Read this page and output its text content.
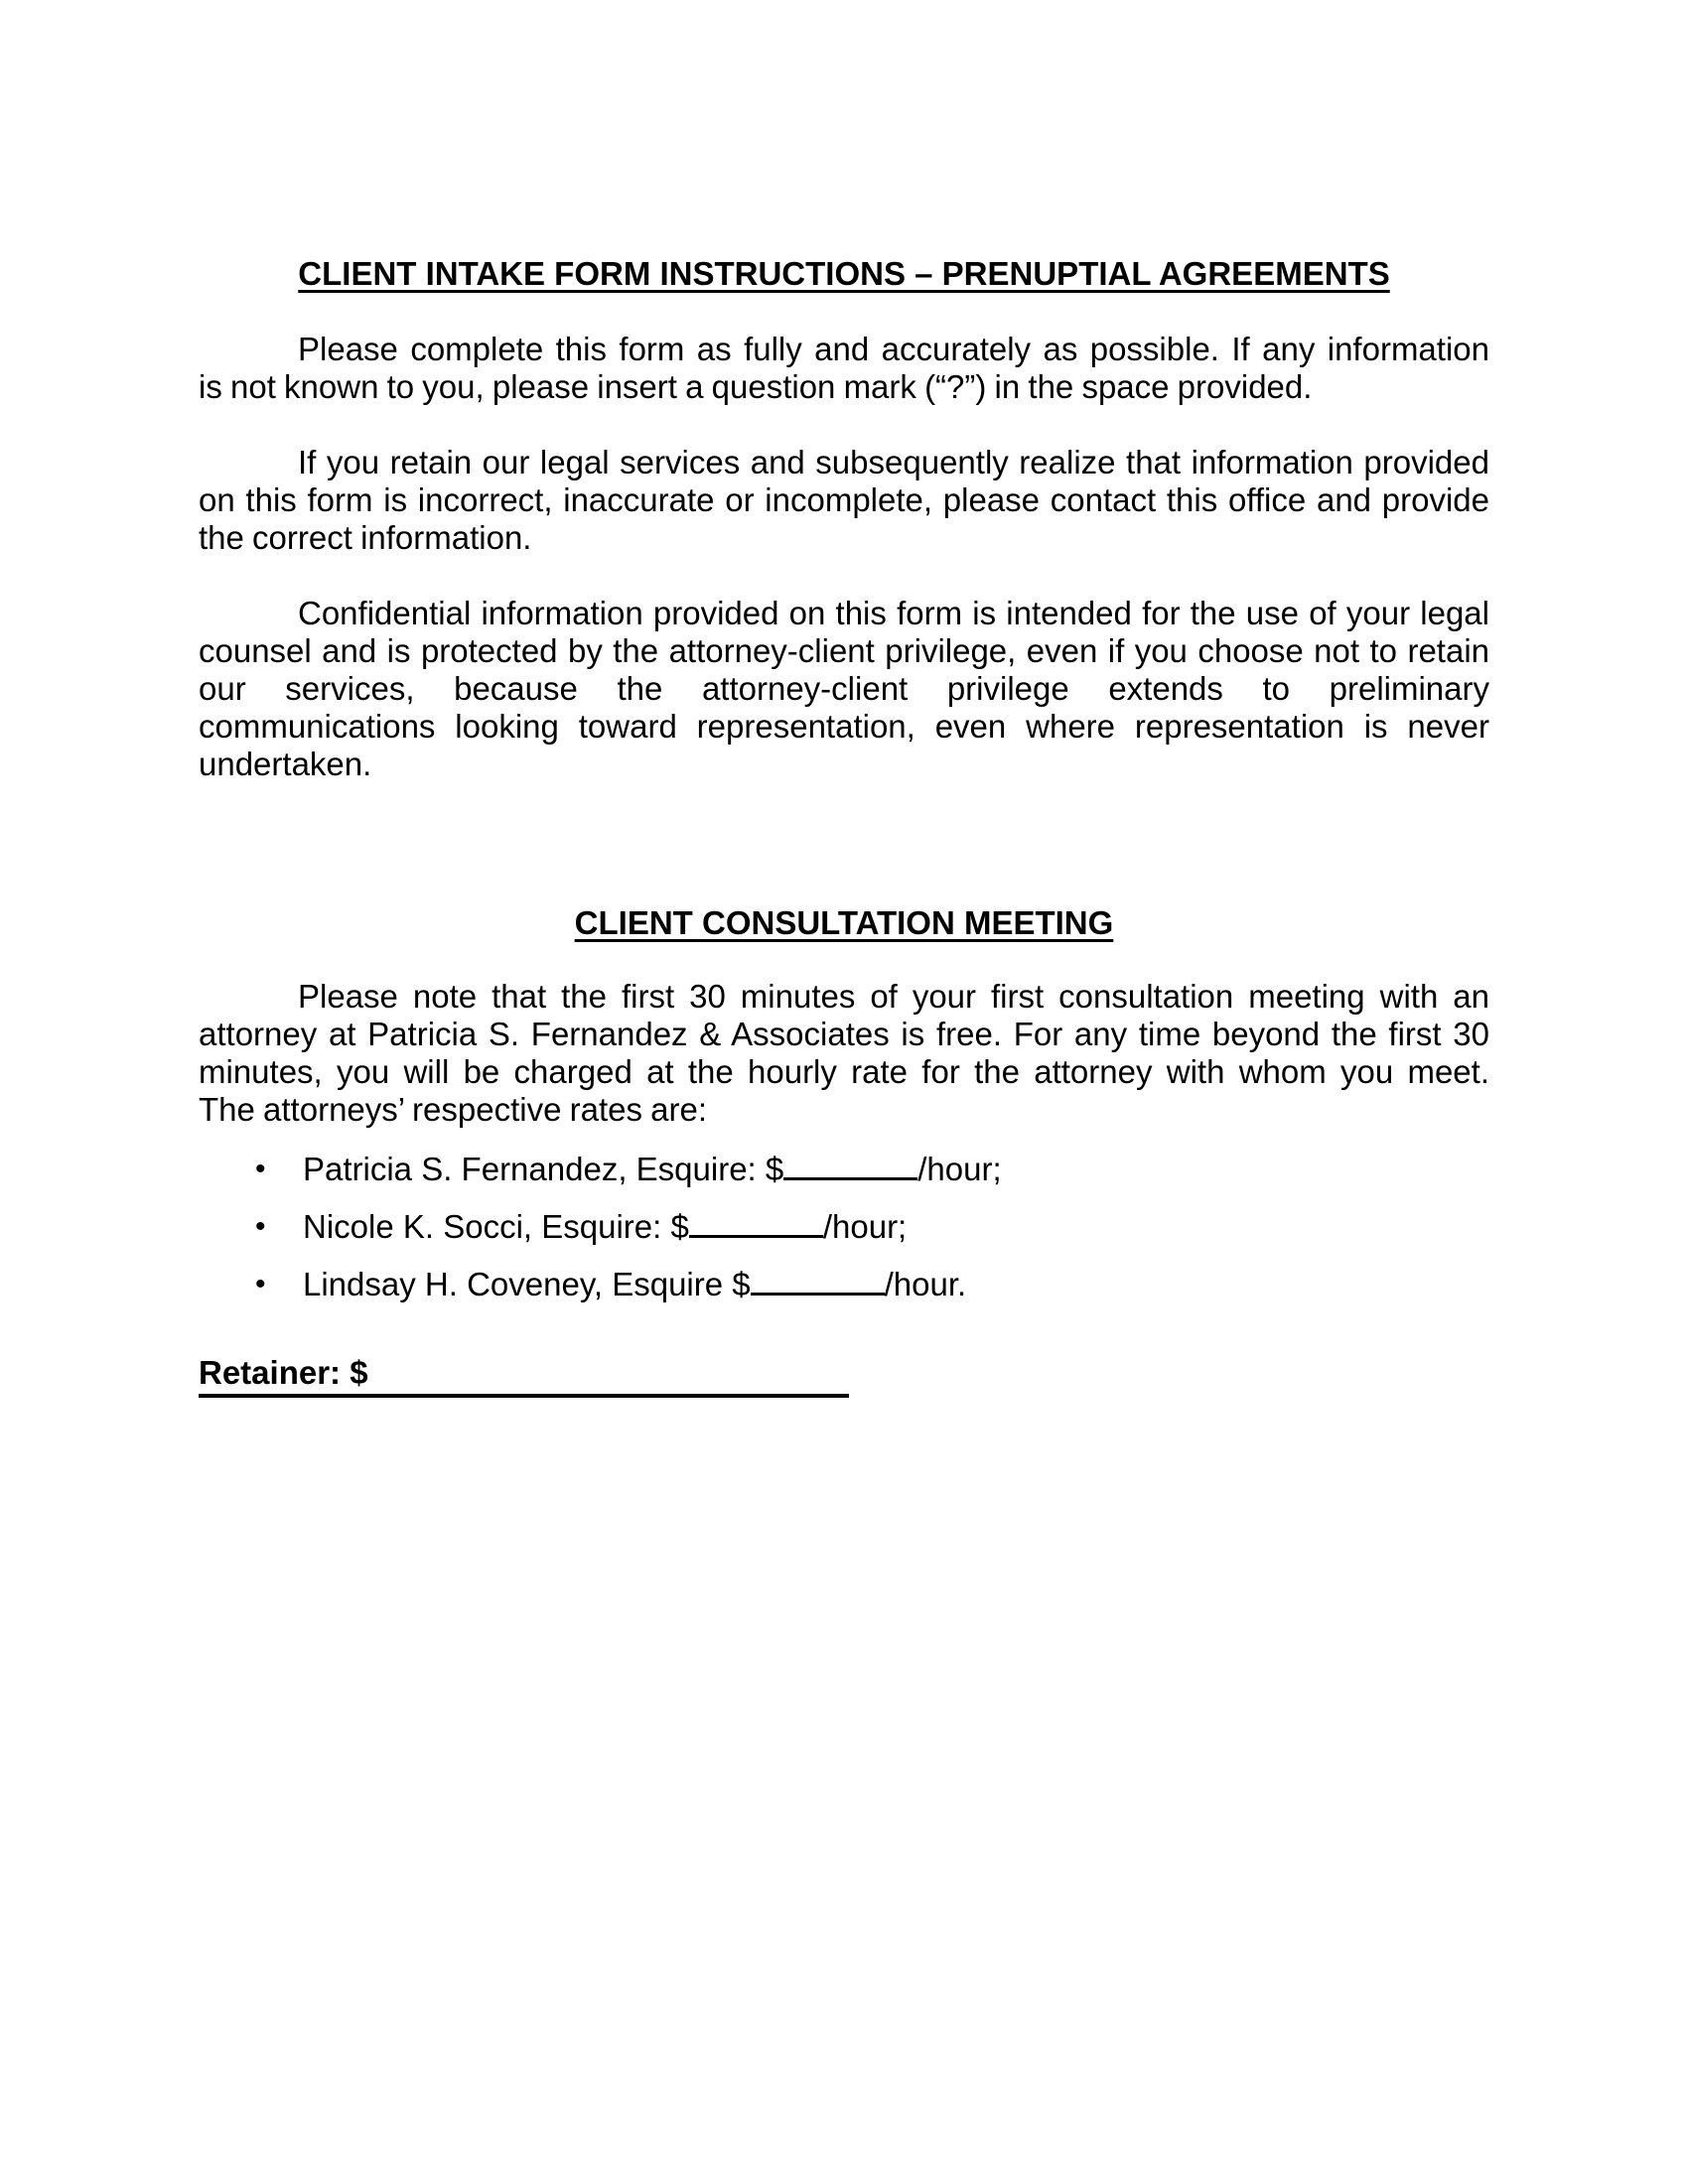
CLIENT INTAKE FORM INSTRUCTIONS – PRENUPTIAL AGREEMENTS
Please complete this form as fully and accurately as possible. If any information
is not known to you, please insert a question mark (“?”) in the space provided.
If you retain our legal services and subsequently realize that information provided
on this form is incorrect, inaccurate or incomplete, please contact this office and provide
the correct information.
Confidential information provided on this form is intended for the use of your legal
counsel and is protected by the attorney-client privilege, even if you choose not to retain
our services, because the attorney-client privilege extends to preliminary
communications looking toward representation, even where representation is never
undertaken.
CLIENT CONSULTATION MEETING
Please note that the first 30 minutes of your first consultation meeting with an
attorney at Patricia S. Fernandez & Associates is free. For any time beyond the first 30
minutes, you will be charged at the hourly rate for the attorney with whom you meet.
The attorneys’ respective rates are:
• Patricia S. Fernandez, Esquire: $	/hour;
• Nicole K. Socci, Esquire: $	/hour;
• Lindsay H. Coveney, Esquire $	/hour.
Retainer: $
